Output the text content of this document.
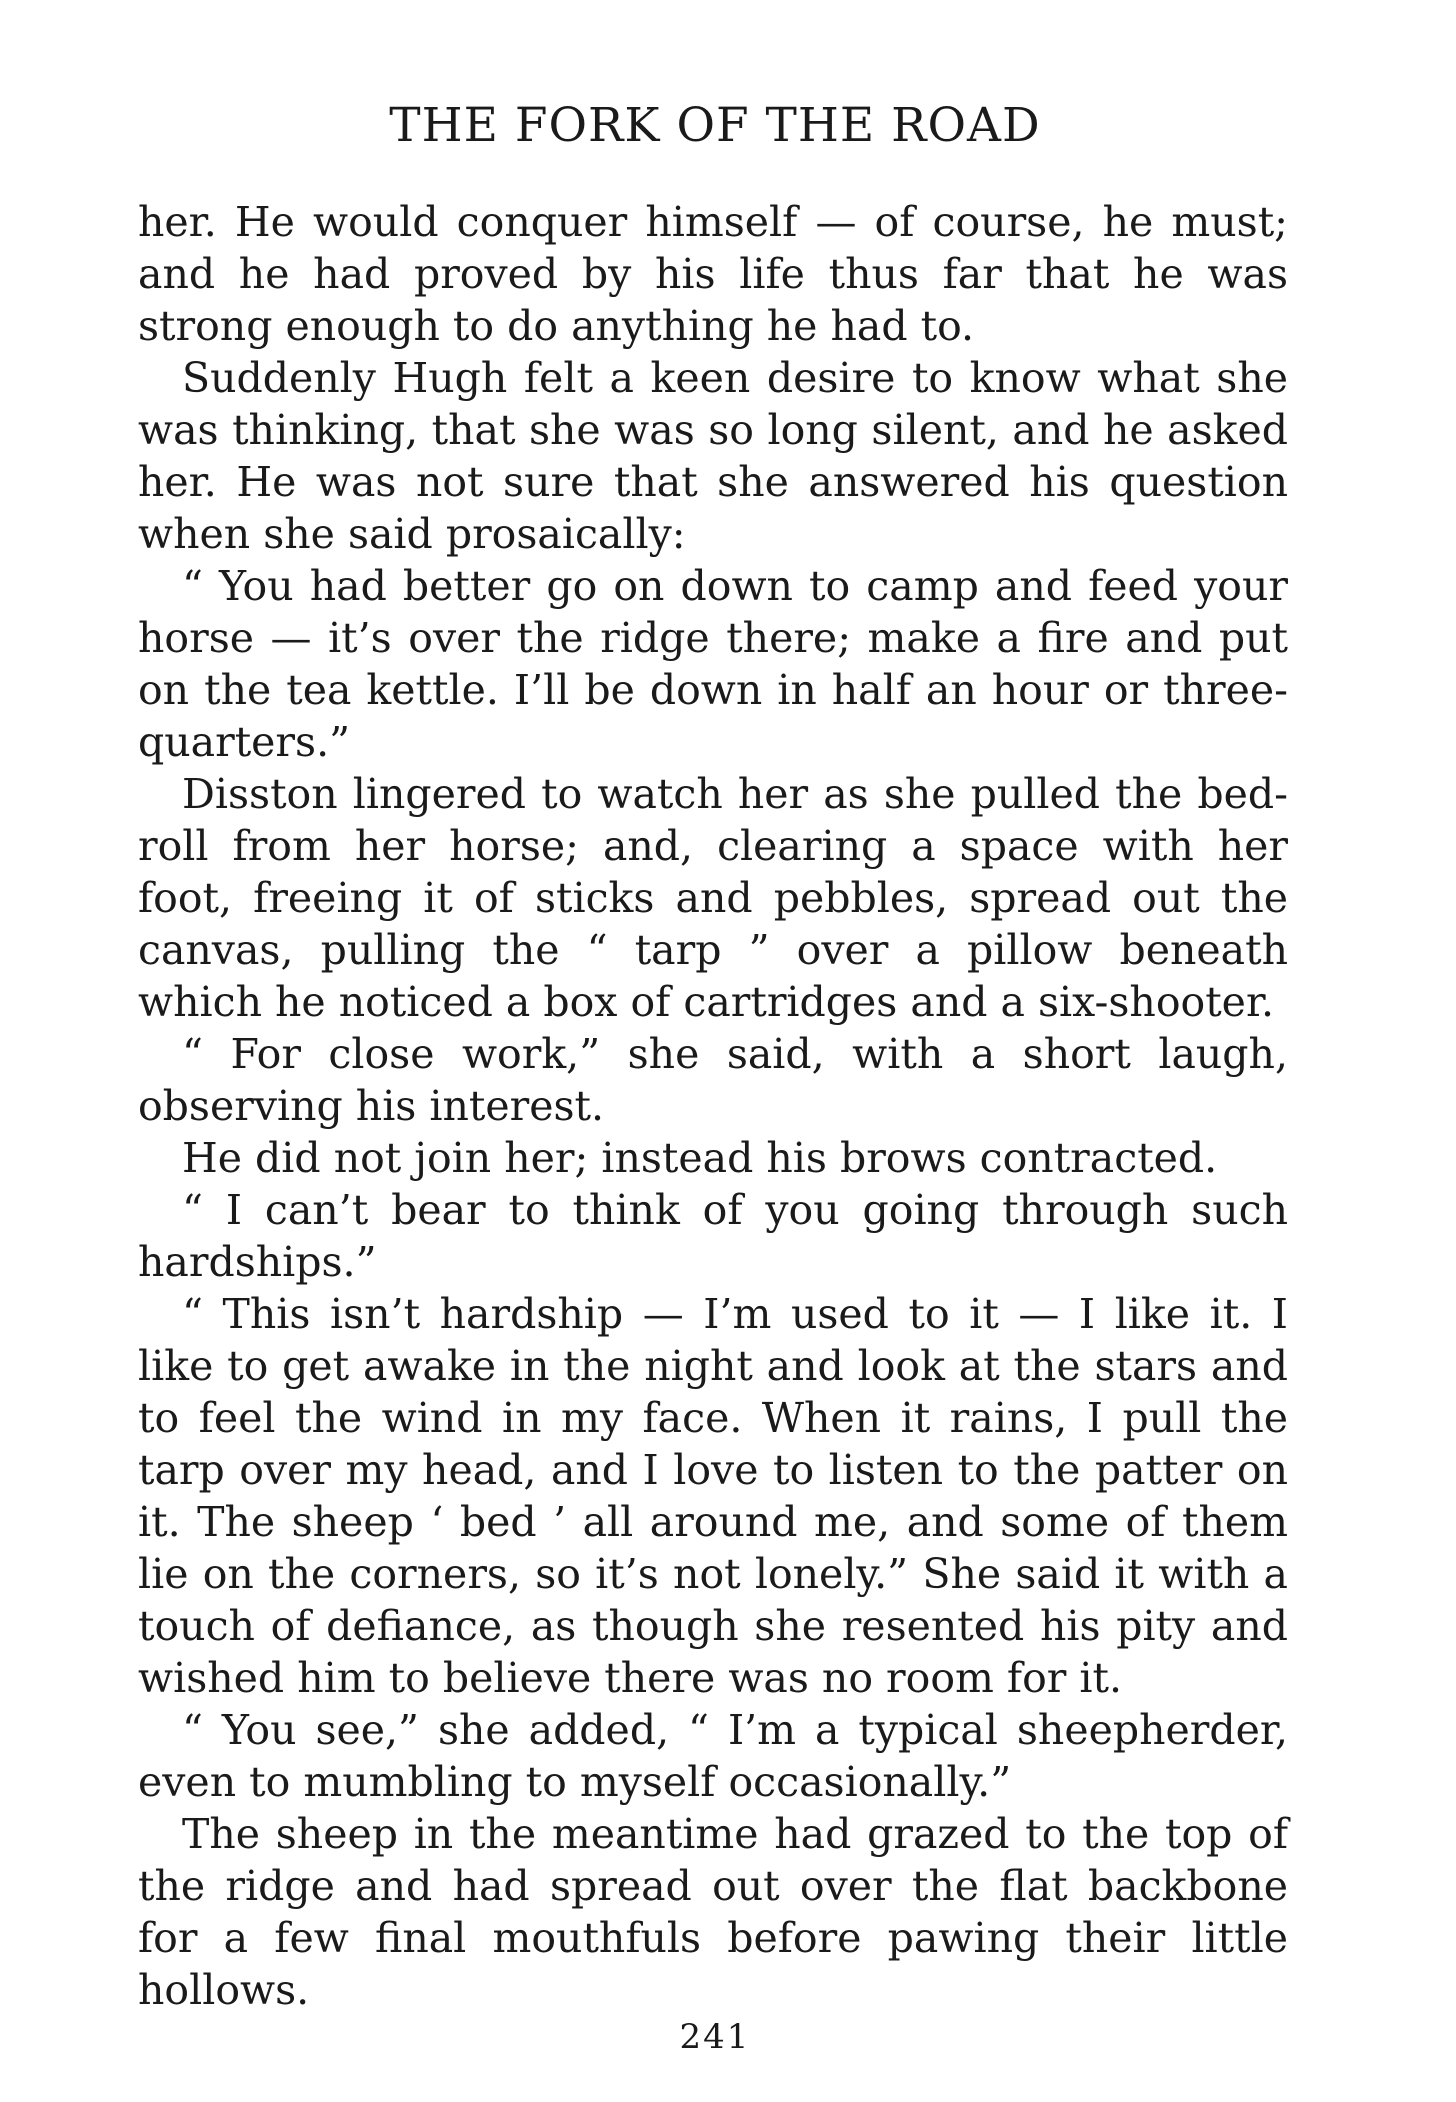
THE FORK OF THE ROAD

her. He would conquer himself — of course, he must; and he had proved by his life thus far that he was strong enough to do anything he had to.

Suddenly Hugh felt a keen desire to know what she was thinking, that she was so long silent, and he asked her. He was not sure that she answered his question when she said prosaically:

“ You had better go on down to camp and feed your horse — it’s over the ridge there; make a fire and put on the tea kettle. I’ll be down in half an hour or three-quarters.”

Disston lingered to watch her as she pulled the bed-roll from her horse; and, clearing a space with her foot, freeing it of sticks and pebbles, spread out the canvas, pulling the “ tarp ” over a pillow beneath which he noticed a box of cartridges and a six-shooter.

“ For close work,” she said, with a short laugh, observing his interest.

He did not join her; instead his brows contracted.

“ I can’t bear to think of you going through such hardships.”

“ This isn’t hardship — I’m used to it — I like it. I like to get awake in the night and look at the stars and to feel the wind in my face. When it rains, I pull the tarp over my head, and I love to listen to the patter on it. The sheep ‘ bed ’ all around me, and some of them lie on the corners, so it’s not lonely.” She said it with a touch of defiance, as though she resented his pity and wished him to believe there was no room for it.

“ You see,” she added, “ I’m a typical sheepherder, even to mumbling to myself occasionally.”

The sheep in the meantime had grazed to the top of the ridge and had spread out over the flat backbone for a few final mouthfuls before pawing their little hollows.

241
